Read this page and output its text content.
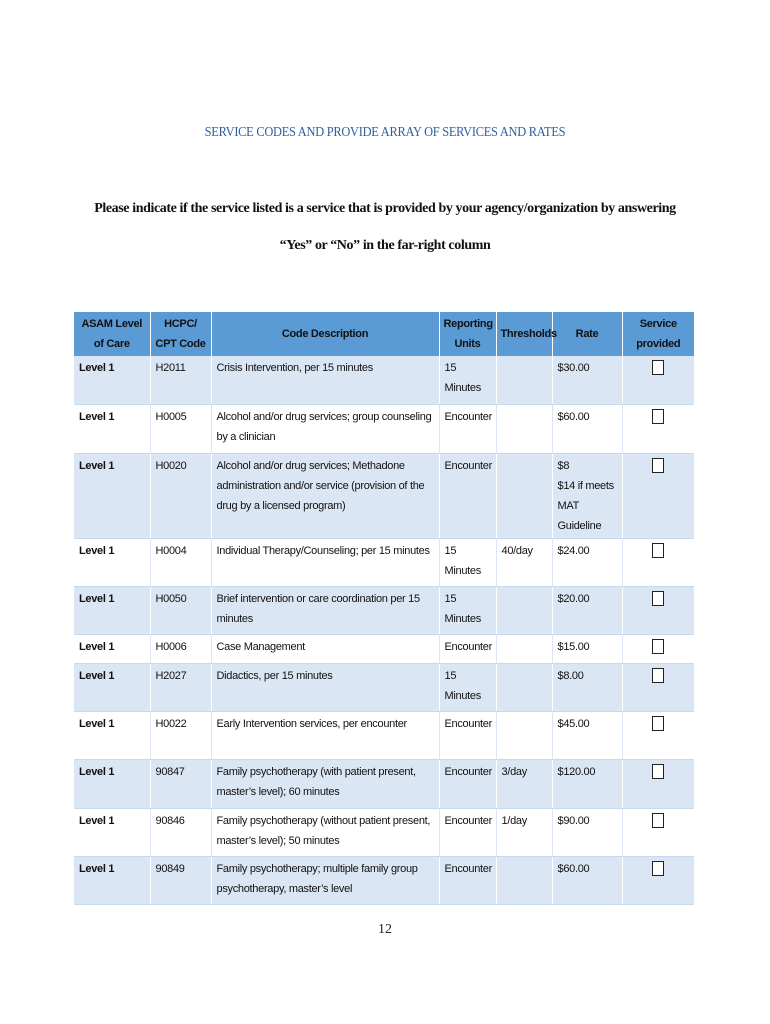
SERVICE CODES AND PROVIDE ARRAY OF SERVICES AND RATES
Please indicate if the service listed is a service that is provided by your agency/organization by answering
“Yes” or “No” in the far-right column
ASAM Level of Care	HCPC/ CPT Code	Code Description	Reporting Units	Thresholds	Rate	Service provided
Level 1	H2011	Crisis Intervention, per 15 minutes	15 Minutes		$30.00	

Level 1	H0005	Alcohol and/or drug services; group counseling by a clinician	Encounter		$60.00	

Level 1	H0020	Alcohol and/or drug services; Methadone administration and/or service (provision of the drug by a licensed program)	Encounter		$8
$14 if meets
MAT Guideline	

Level 1	H0004	Individual Therapy/Counseling; per 15 minutes	15 Minutes	40/day	$24.00	

Level 1	H0050	Brief intervention or care coordination per 15 minutes	15 Minutes		$20.00	

Level 1	H0006	Case Management	Encounter		$15.00	

Level 1	H2027	Didactics, per 15 minutes	15 Minutes		$8.00	

Level 1	H0022	Early Intervention services, per encounter	Encounter		$45.00	

Level 1	90847	Family psychotherapy (with patient present, master’s level); 60 minutes	Encounter	3/day	$120.00	

Level 1	90846	Family psychotherapy (without patient present, master’s level); 50 minutes	Encounter	1/day	$90.00	

Level 1	90849	Family psychotherapy; multiple family group psychotherapy, master’s level	Encounter		$60.00	

12
